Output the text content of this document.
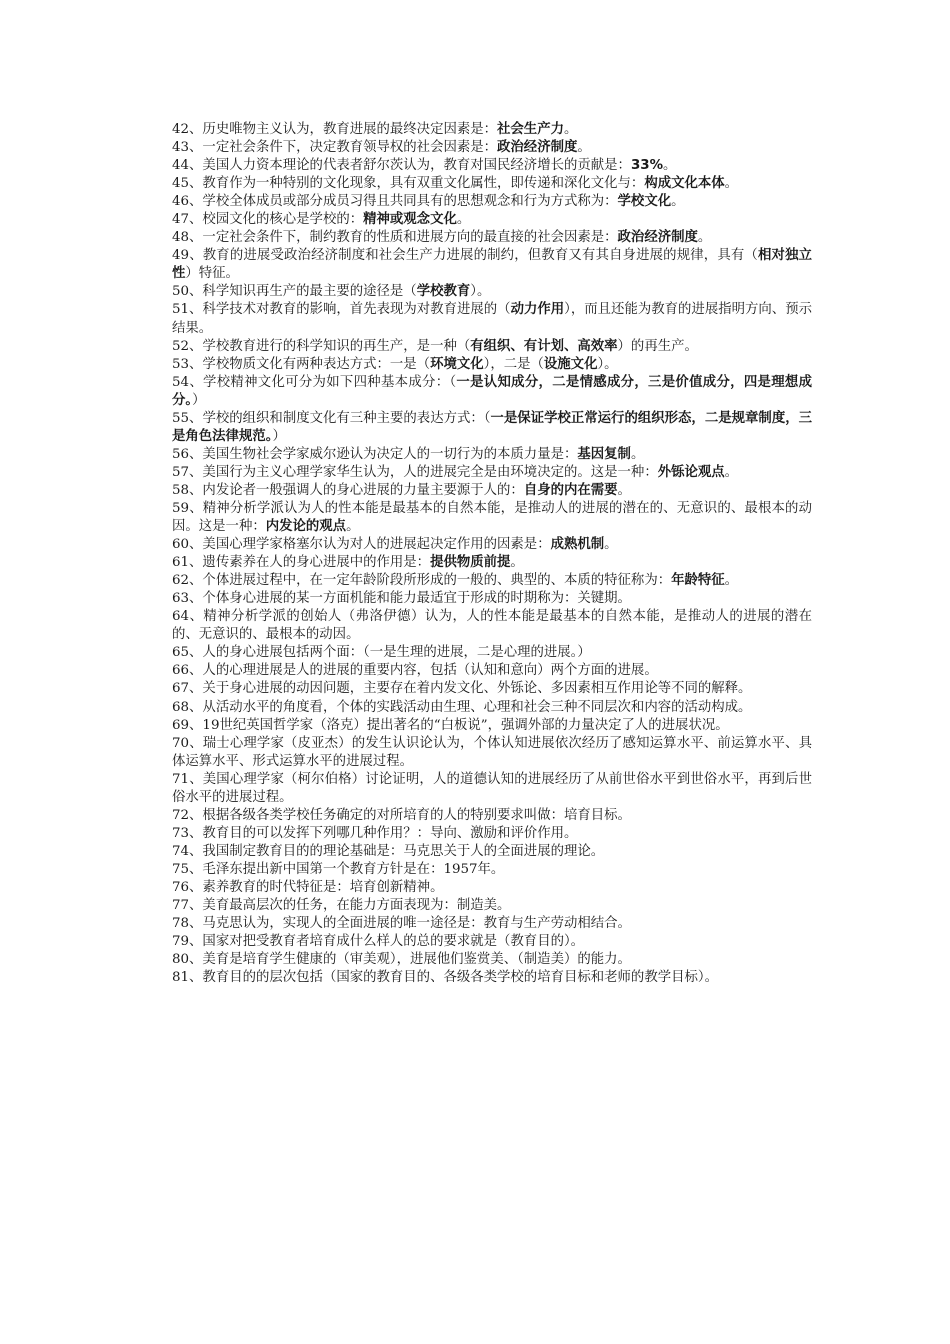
42、历史唯物主义认为，教育进展的最终决定因素是：社会生产力。

43、一定社会条件下，决定教育领导权的社会因素是：政治经济制度。

44、美国人力资本理论的代表者舒尔茨认为，教育对国民经济增长的贡献是：33%。

45、教育作为一种特别的文化现象，具有双重文化属性，即传递和深化文化与：构成文化本体。

46、学校全体成员或部分成员习得且共同具有的思想观念和行为方式称为：学校文化。

47、校园文化的核心是学校的：精神或观念文化。

48、一定社会条件下，制约教育的性质和进展方向的最直接的社会因素是：政治经济制度。

49、教育的进展受政治经济制度和社会生产力进展的制约，但教育又有其自身进展的规律，具有（相对独立性）特征。

50、科学知识再生产的最主要的途径是（学校教育）。

51、科学技术对教育的影响，首先表现为对教育进展的（动力作用），而且还能为教育的进展指明方向、预示结果。

52、学校教育进行的科学知识的再生产，是一种（有组织、有计划、高效率）的再生产。

53、学校物质文化有两种表达方式：一是（环境文化），二是（设施文化）。

54、学校精神文化可分为如下四种基本成分：（一是认知成分，二是情感成分，三是价值成分，四是理想成分。）

55、学校的组织和制度文化有三种主要的表达方式：（一是保证学校正常运行的组织形态，二是规章制度，三是角色法律规范。）

56、美国生物社会学家威尔逊认为决定人的一切行为的本质力量是：基因复制。

57、美国行为主义心理学家华生认为，人的进展完全是由环境决定的。这是一种：外铄论观点。

58、内发论者一般强调人的身心进展的力量主要源于人的：自身的内在需要。

59、精神分析学派认为人的性本能是最基本的自然本能，是推动人的进展的潜在的、无意识的、最根本的动因。这是一种：内发论的观点。

60、美国心理学家格塞尔认为对人的进展起决定作用的因素是：成熟机制。

61、遗传素养在人的身心进展中的作用是：提供物质前提。

62、个体进展过程中，在一定年龄阶段所形成的一般的、典型的、本质的特征称为：年龄特征。

63、个体身心进展的某一方面机能和能力最适宜于形成的时期称为：关键期。

64、精神分析学派的创始人（弗洛伊德）认为，人的性本能是最基本的自然本能，是推动人的进展的潜在的、无意识的、最根本的动因。

65、人的身心进展包括两个面：（一是生理的进展，二是心理的进展。）

66、人的心理进展是人的进展的重要内容，包括（认知和意向）两个方面的进展。

67、关于身心进展的动因问题，主要存在着内发文化、外铄论、多因素相互作用论等不同的解释。

68、从活动水平的角度看，个体的实践活动由生理、心理和社会三种不同层次和内容的活动构成。

69、19世纪英国哲学家（洛克）提出著名的“白板说”，强调外部的力量决定了人的进展状况。

70、瑞士心理学家（皮亚杰）的发生认识论认为，个体认知进展依次经历了感知运算水平、前运算水平、具体运算水平、形式运算水平的进展过程。

71、美国心理学家（柯尔伯格）讨论证明，人的道德认知的进展经历了从前世俗水平到世俗水平，再到后世俗水平的进展过程。

72、根据各级各类学校任务确定的对所培育的人的特别要求叫做：培育目标。

73、教育目的可以发挥下列哪几种作用？：导向、激励和评价作用。

74、我国制定教育目的的理论基础是：马克思关于人的全面进展的理论。

75、毛泽东提出新中国第一个教育方针是在：1957年。

76、素养教育的时代特征是：培育创新精神。

77、美育最高层次的任务，在能力方面表现为：制造美。

78、马克思认为，实现人的全面进展的唯一途径是：教育与生产劳动相结合。

79、国家对把受教育者培育成什么样人的总的要求就是（教育目的）。

80、美育是培育学生健康的（审美观），进展他们鉴赏美、（制造美）的能力。

81、教育目的的层次包括（国家的教育目的、各级各类学校的培育目标和老师的教学目标）。
